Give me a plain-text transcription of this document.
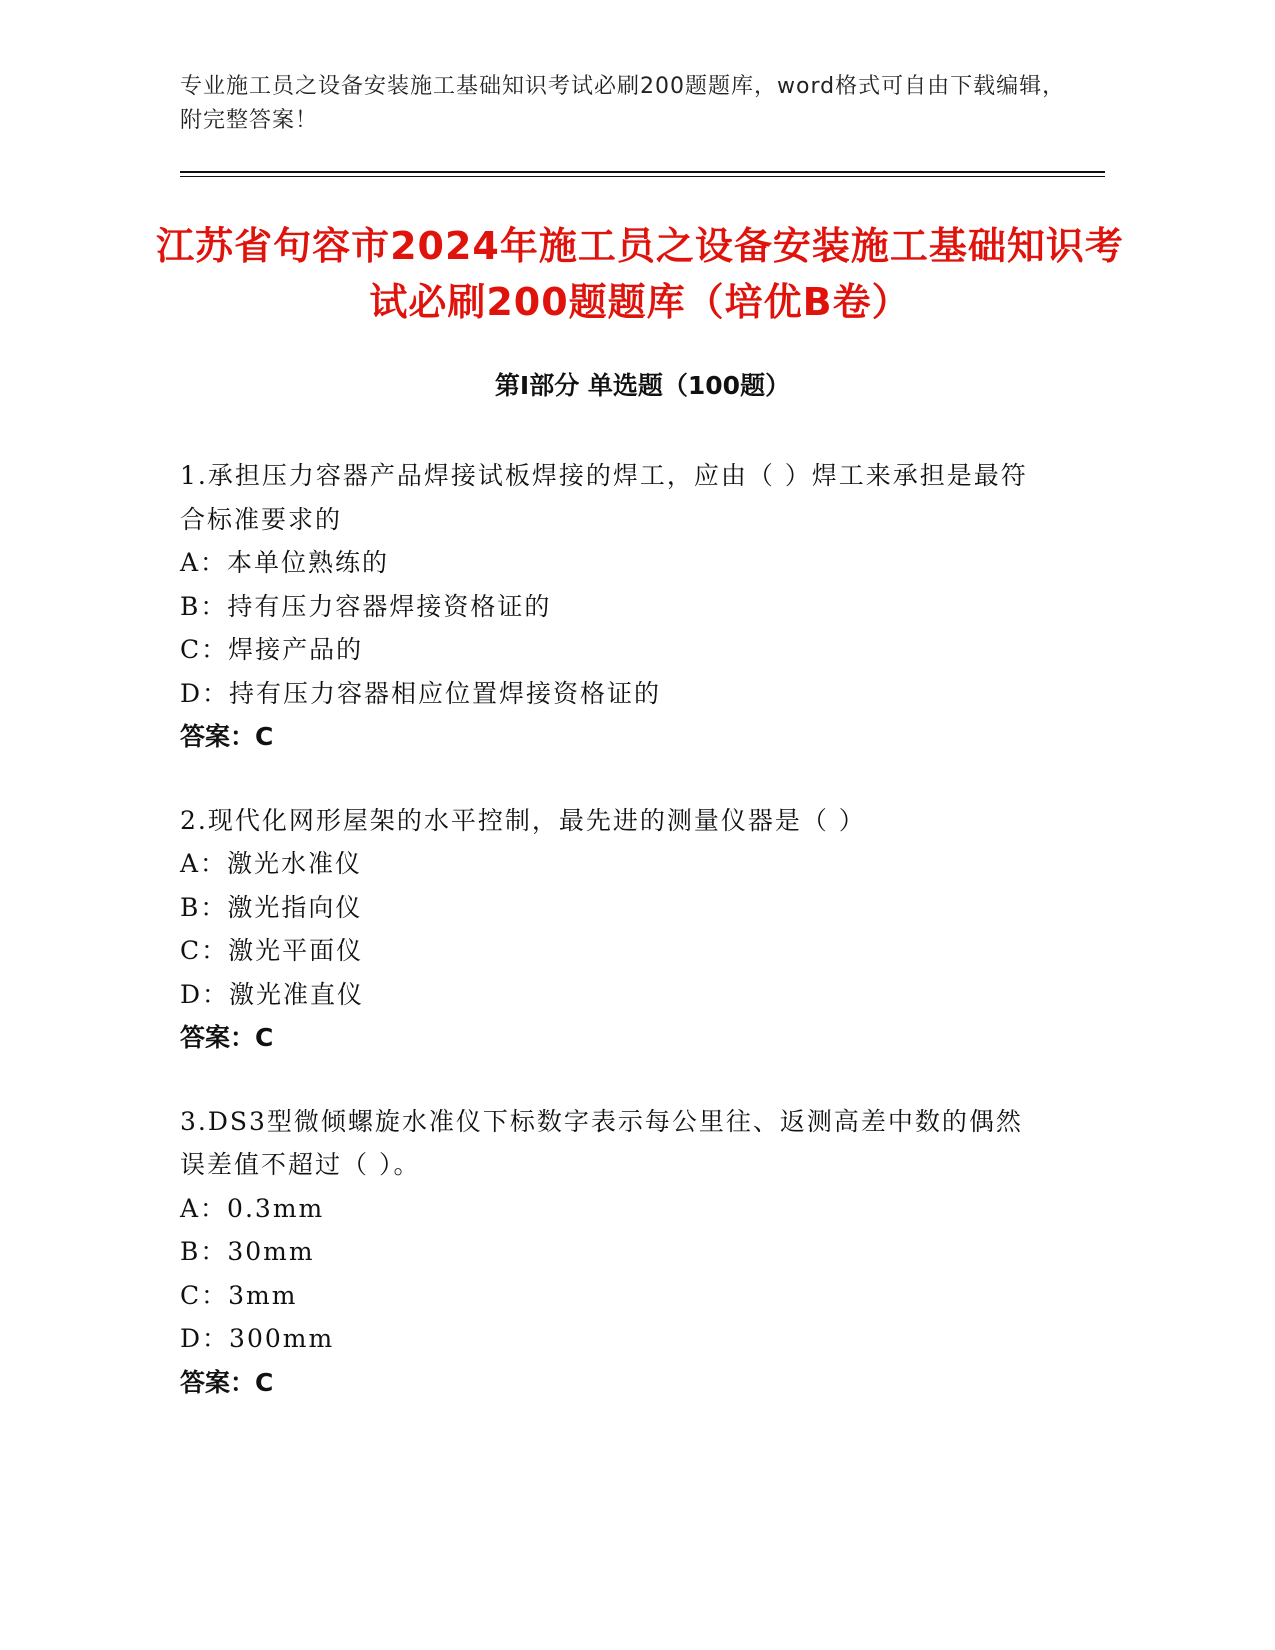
专业施工员之设备安装施工基础知识考试必刷200题题库，word格式可自由下载编辑，附完整答案！
江苏省句容市2024年施工员之设备安装施工基础知识考试必刷200题题库（培优B卷）
第Ⅰ部分 单选题（100题）
1.承担压力容器产品焊接试板焊接的焊工，应由（ ）焊工来承担是最符合标准要求的
A：本单位熟练的
B：持有压力容器焊接资格证的
C：焊接产品的
D：持有压力容器相应位置焊接资格证的
答案：C
2.现代化网形屋架的水平控制，最先进的测量仪器是（ ）
A：激光水准仪
B：激光指向仪
C：激光平面仪
D：激光准直仪
答案：C
3.DS3型微倾螺旋水准仪下标数字表示每公里往、返测高差中数的偶然误差值不超过（ ）。
A：0.3mm
B：30mm
C：3mm
D：300mm
答案：C
